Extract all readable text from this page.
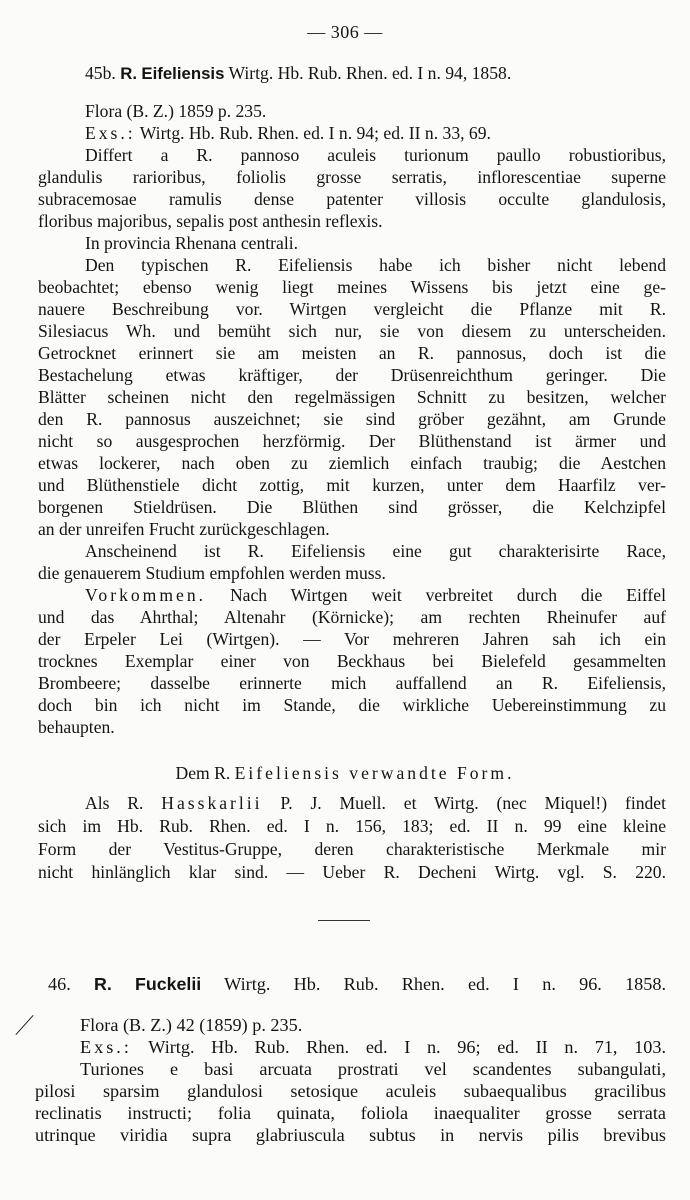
— 306 —
45b. R. Eifeliensis Wirtg. Hb. Rub. Rhen. ed. I n. 94, 1858.
Flora (B. Z.) 1859 p. 235.
Exs.: Wirtg. Hb. Rub. Rhen. ed. I n. 94; ed. II n. 33, 69.
Differt a R. pannoso aculeis turionum paullo robustioribus,
glandulis rarioribus, foliolis grosse serratis, inflorescentiae superne
subracemosae ramulis dense patenter villosis occulte glandulosis,
floribus majoribus, sepalis post anthesin reflexis.
In provincia Rhenana centrali.
Den typischen R. Eifeliensis habe ich bisher nicht lebend
beobachtet; ebenso wenig liegt meines Wissens bis jetzt eine ge-
nauere Beschreibung vor. Wirtgen vergleicht die Pflanze mit R.
Silesiacus Wh. und bemüht sich nur, sie von diesem zu unterscheiden.
Getrocknet erinnert sie am meisten an R. pannosus, doch ist die
Bestachelung etwas kräftiger, der Drüsenreichthum geringer. Die
Blätter scheinen nicht den regelmässigen Schnitt zu besitzen, welcher
den R. pannosus auszeichnet; sie sind gröber gezähnt, am Grunde
nicht so ausgesprochen herzförmig. Der Blüthenstand ist ärmer und
etwas lockerer, nach oben zu ziemlich einfach traubig; die Aestchen
und Blüthenstiele dicht zottig, mit kurzen, unter dem Haarfilz ver-
borgenen Stieldrüsen. Die Blüthen sind grösser, die Kelchzipfel
an der unreifen Frucht zurückgeschlagen.
Anscheinend ist R. Eifeliensis eine gut charakterisirte Race,
die genauerem Studium empfohlen werden muss.
Vorkommen. Nach Wirtgen weit verbreitet durch die Eiffel
und das Ahrthal; Altenahr (Körnicke); am rechten Rheinufer auf
der Erpeler Lei (Wirtgen). — Vor mehreren Jahren sah ich ein
trocknes Exemplar einer von Beckhaus bei Bielefeld gesammelten
Brombeere; dasselbe erinnerte mich auffallend an R. Eifeliensis,
doch bin ich nicht im Stande, die wirkliche Uebereinstimmung zu
behaupten.
Dem R. Eifeliensis verwandte Form.
Als R. Hasskarlii P. J. Muell. et Wirtg. (nec Miquel!) findet
sich im Hb. Rub. Rhen. ed. I n. 156, 183; ed. II n. 99 eine kleine
Form der Vestitus-Gruppe, deren charakteristische Merkmale mir
nicht hinlänglich klar sind. — Ueber R. Decheni Wirtg. vgl. S. 220.
46. R. Fuckelii Wirtg. Hb. Rub. Rhen. ed. I n. 96. 1858.
Flora (B. Z.) 42 (1859) p. 235.
Exs.: Wirtg. Hb. Rub. Rhen. ed. I n. 96; ed. II n. 71, 103.
Turiones e basi arcuata prostrati vel scandentes subangulati,
pilosi sparsim glandulosi setosique aculeis subaequalibus gracilibus
reclinatis instructi; folia quinata, foliola inaequaliter grosse serrata
utrinque viridia supra glabriuscula subtus in nervis pilis brevibus
